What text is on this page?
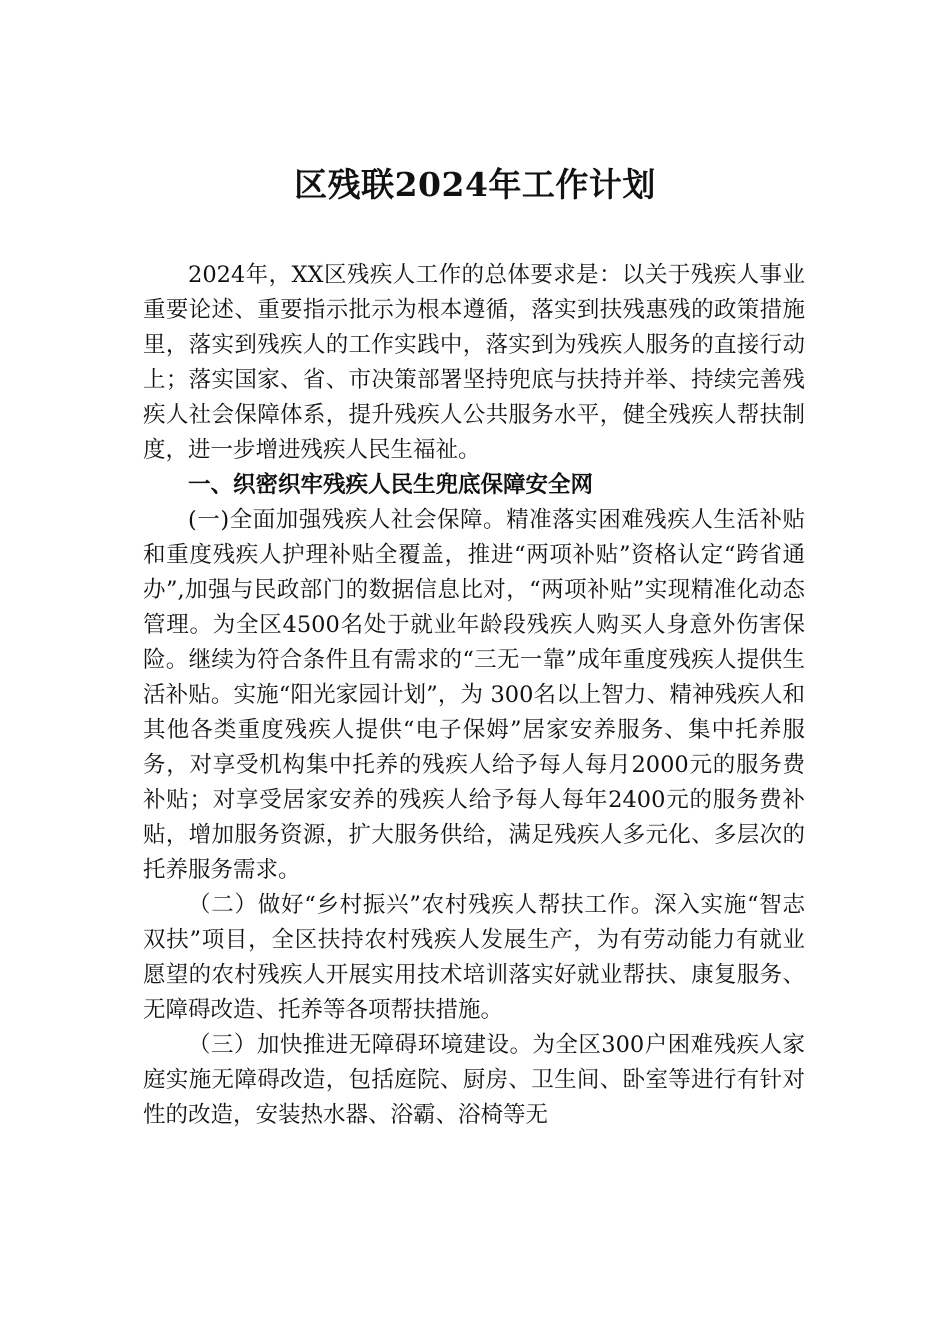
区残联2024年工作计划

2024年，XX区残疾人工作的总体要求是：以关于残疾人事业重要论述、重要指示批示为根本遵循，落实到扶残惠残的政策措施里，落实到残疾人的工作实践中，落实到为残疾人服务的直接行动上；落实国家、省、市决策部署坚持兜底与扶持并举、持续完善残疾人社会保障体系，提升残疾人公共服务水平，健全残疾人帮扶制度，进一步增进残疾人民生福祉。

一、织密织牢残疾人民生兜底保障安全网

(一)全面加强残疾人社会保障。精准落实困难残疾人生活补贴和重度残疾人护理补贴全覆盖，推进“两项补贴”资格认定“跨省通办”,加强与民政部门的数据信息比对，“两项补贴”实现精准化动态管理。为全区4500名处于就业年龄段残疾人购买人身意外伤害保险。继续为符合条件且有需求的“三无一靠”成年重度残疾人提供生活补贴。实施“阳光家园计划”，为 300名以上智力、精神残疾人和其他各类重度残疾人提供“电子保姆”居家安养服务、集中托养服务，对享受机构集中托养的残疾人给予每人每月2000元的服务费补贴；对享受居家安养的残疾人给予每人每年2400元的服务费补贴，增加服务资源，扩大服务供给，满足残疾人多元化、多层次的托养服务需求。

（二）做好“乡村振兴”农村残疾人帮扶工作。深入实施“智志双扶”项目，全区扶持农村残疾人发展生产，为有劳动能力有就业愿望的农村残疾人开展实用技术培训落实好就业帮扶、康复服务、无障碍改造、托养等各项帮扶措施。

（三）加快推进无障碍环境建设。为全区300户困难残疾人家庭实施无障碍改造，包括庭院、厨房、卫生间、卧室等进行有针对性的改造，安装热水器、浴霸、浴椅等无
